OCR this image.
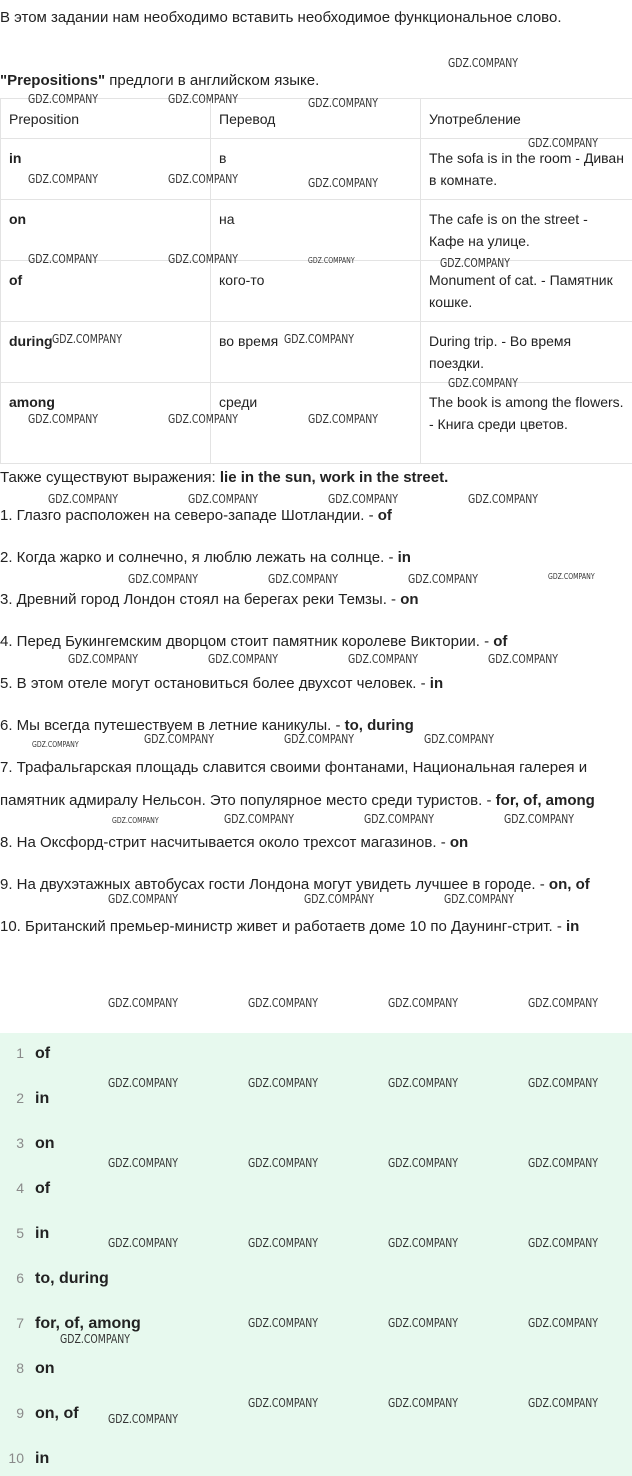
В этом задании нам необходимо вставить необходимое функциональное слово.
"Prepositions" предлоги в английском языке.
Preposition	Перевод	Употребление
in	в	The sofa is in the room - Диван в комнате.
on	на	The cafe is on the street - Кафе на улице.
of	кого-то	Monument of cat. - Памятник кошке.
during	во время	During trip. - Во время поездки.
among	среди	The book is among the flowers. - Книга среди цветов.
Также существуют выражения: lie in the sun, work in the street.

1. Глазго расположен на северо-западе Шотландии. - of

2. Когда жарко и солнечно, я люблю лежать на солнце. - in

3. Древний город Лондон стоял на берегах реки Темзы. - on

4. Перед Букингемским дворцом стоит памятник королеве Виктории. - of

5. В этом отеле могут остановиться более двухсот человек. - in

6. Мы всегда путешествуем в летние каникулы. - to, during

7. Трафальгарская площадь славится своими фонтанами, Национальная галерея и памятник адмиралу Нельсон. Это популярное место среди туристов. - for, of, among

8. На Оксфорд-стрит насчитывается около трехсот магазинов. - on

9. На двухэтажных автобусах гости Лондона могут увидеть лучшее в городе. - on, of

10. Британский премьер-министр живет и работаетв доме 10 по Даунинг-стрит. - in

1 of
2 in
3 on
4 of
5 in
6 to, during
7 for, of, among
8 on
9 on, of
10 in
GDZ.COMPANY
GDZ.COMPANY	GDZ.COMPANY	GDZ.COMPANY
GDZ.COMPANY
GDZ.COMPANY	GDZ.COMPANY	GDZ.COMPANY
GDZ.COMPANY	GDZ.COMPANY	GDZ.COMPANY	GDZ.COMPANY
GDZ.COMPANY	GDZ.COMPANY
GDZ.COMPANY
GDZ.COMPANY	GDZ.COMPANY	GDZ.COMPANY
GDZ.COMPANY	GDZ.COMPANY	GDZ.COMPANY	GDZ.COMPANY
GDZ.COMPANY	GDZ.COMPANY	GDZ.COMPANY	GDZ.COMPANY
GDZ.COMPANY	GDZ.COMPANY	GDZ.COMPANY	GDZ.COMPANY
GDZ.COMPANY	GDZ.COMPANY	GDZ.COMPANY	GDZ.COMPANY
GDZ.COMPANY	GDZ.COMPANY	GDZ.COMPANY	GDZ.COMPANY
GDZ.COMPANY	GDZ.COMPANY	GDZ.COMPANY
GDZ.COMPANY	GDZ.COMPANY	GDZ.COMPANY	GDZ.COMPANY
GDZ.COMPANY	GDZ.COMPANY	GDZ.COMPANY	GDZ.COMPANY
GDZ.COMPANY	GDZ.COMPANY	GDZ.COMPANY	GDZ.COMPANY
GDZ.COMPANY	GDZ.COMPANY	GDZ.COMPANY	GDZ.COMPANY
GDZ.COMPANY	GDZ.COMPANY	GDZ.COMPANY
GDZ.COMPANY
GDZ.COMPANY	GDZ.COMPANY	GDZ.COMPANY
GDZ.COMPANY
